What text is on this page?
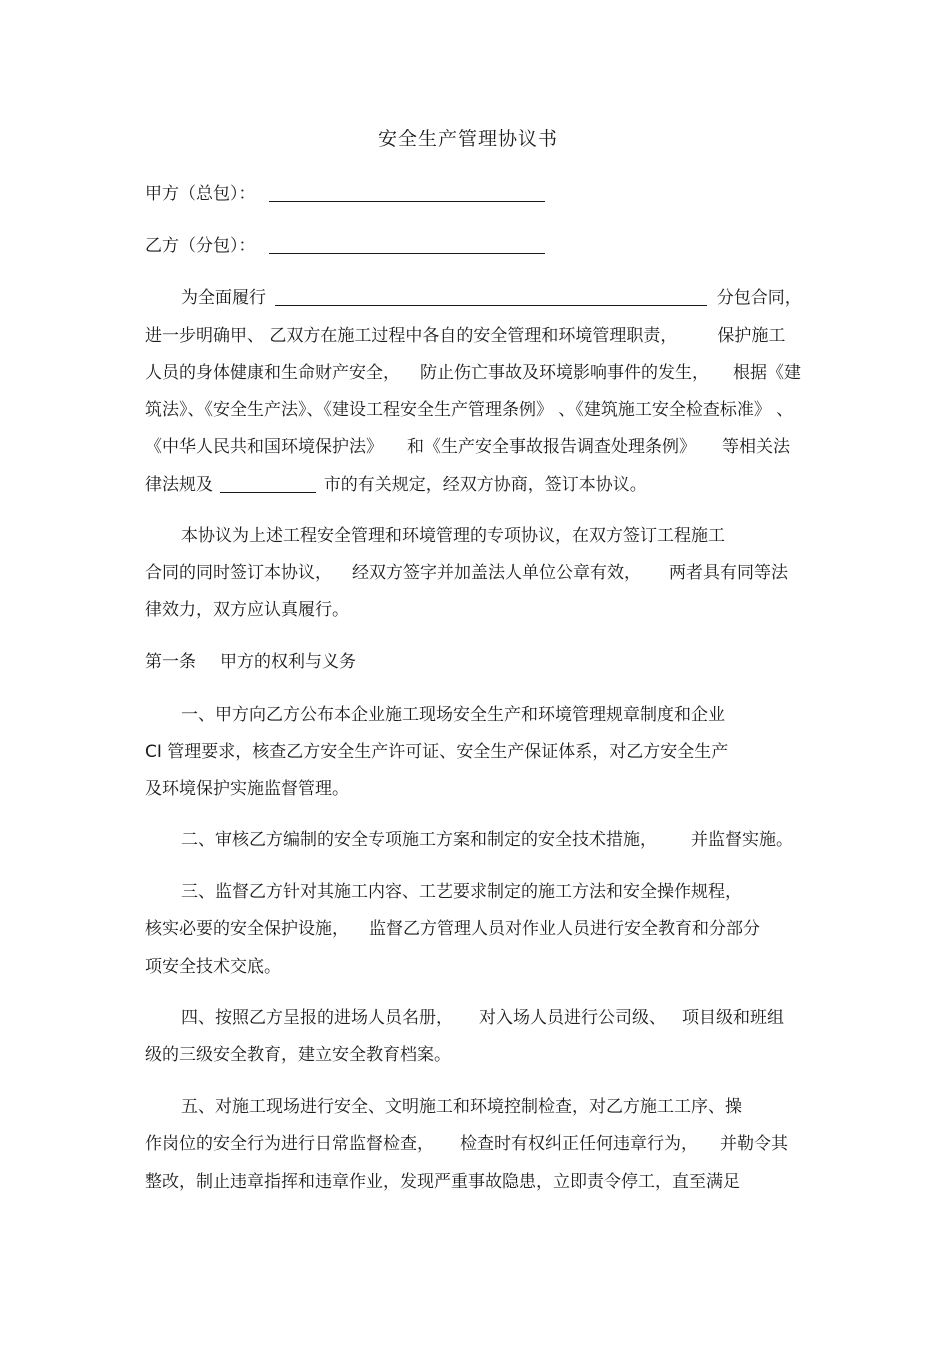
安全生产管理协议书
甲方（总包）：
乙方（分包）：
为全面履行	分包合同，
进一步明确甲、 乙双方在施工过程中各自的安全管理和环境管理职责， 保护施工
人员的身体健康和生命财产安全， 防止伤亡事故及环境影响事件的发生， 根据《建
筑法》、《安全生产法》、《建设工程安全生产管理条例》 、《建筑施工安全检查标准》 、
《中华人民共和国环境保护法》 和《生产安全事故报告调查处理条例》 等相关法
律法规及	市的有关规定，经双方协商，签订本协议。
本协议为上述工程安全管理和环境管理的专项协议，在双方签订工程施工
合同的同时签订本协议， 经双方签字并加盖法人单位公章有效， 两者具有同等法
律效力，双方应认真履行。
第一条 甲方的权利与义务
一、甲方向乙方公布本企业施工现场安全生产和环境管理规章制度和企业
CI 管理要求，核查乙方安全生产许可证、安全生产保证体系，对乙方安全生产
及环境保护实施监督管理。
二、审核乙方编制的安全专项施工方案和制定的安全技术措施， 并监督实施。
三、监督乙方针对其施工内容、工艺要求制定的施工方法和安全操作规程，
核实必要的安全保护设施， 监督乙方管理人员对作业人员进行安全教育和分部分
项安全技术交底。
四、按照乙方呈报的进场人员名册， 对入场人员进行公司级、 项目级和班组
级的三级安全教育，建立安全教育档案。
五、对施工现场进行安全、文明施工和环境控制检查，对乙方施工工序、操
作岗位的安全行为进行日常监督检查， 检查时有权纠正任何违章行为， 并勒令其
整改，制止违章指挥和违章作业，发现严重事故隐患，立即责令停工，直至满足
